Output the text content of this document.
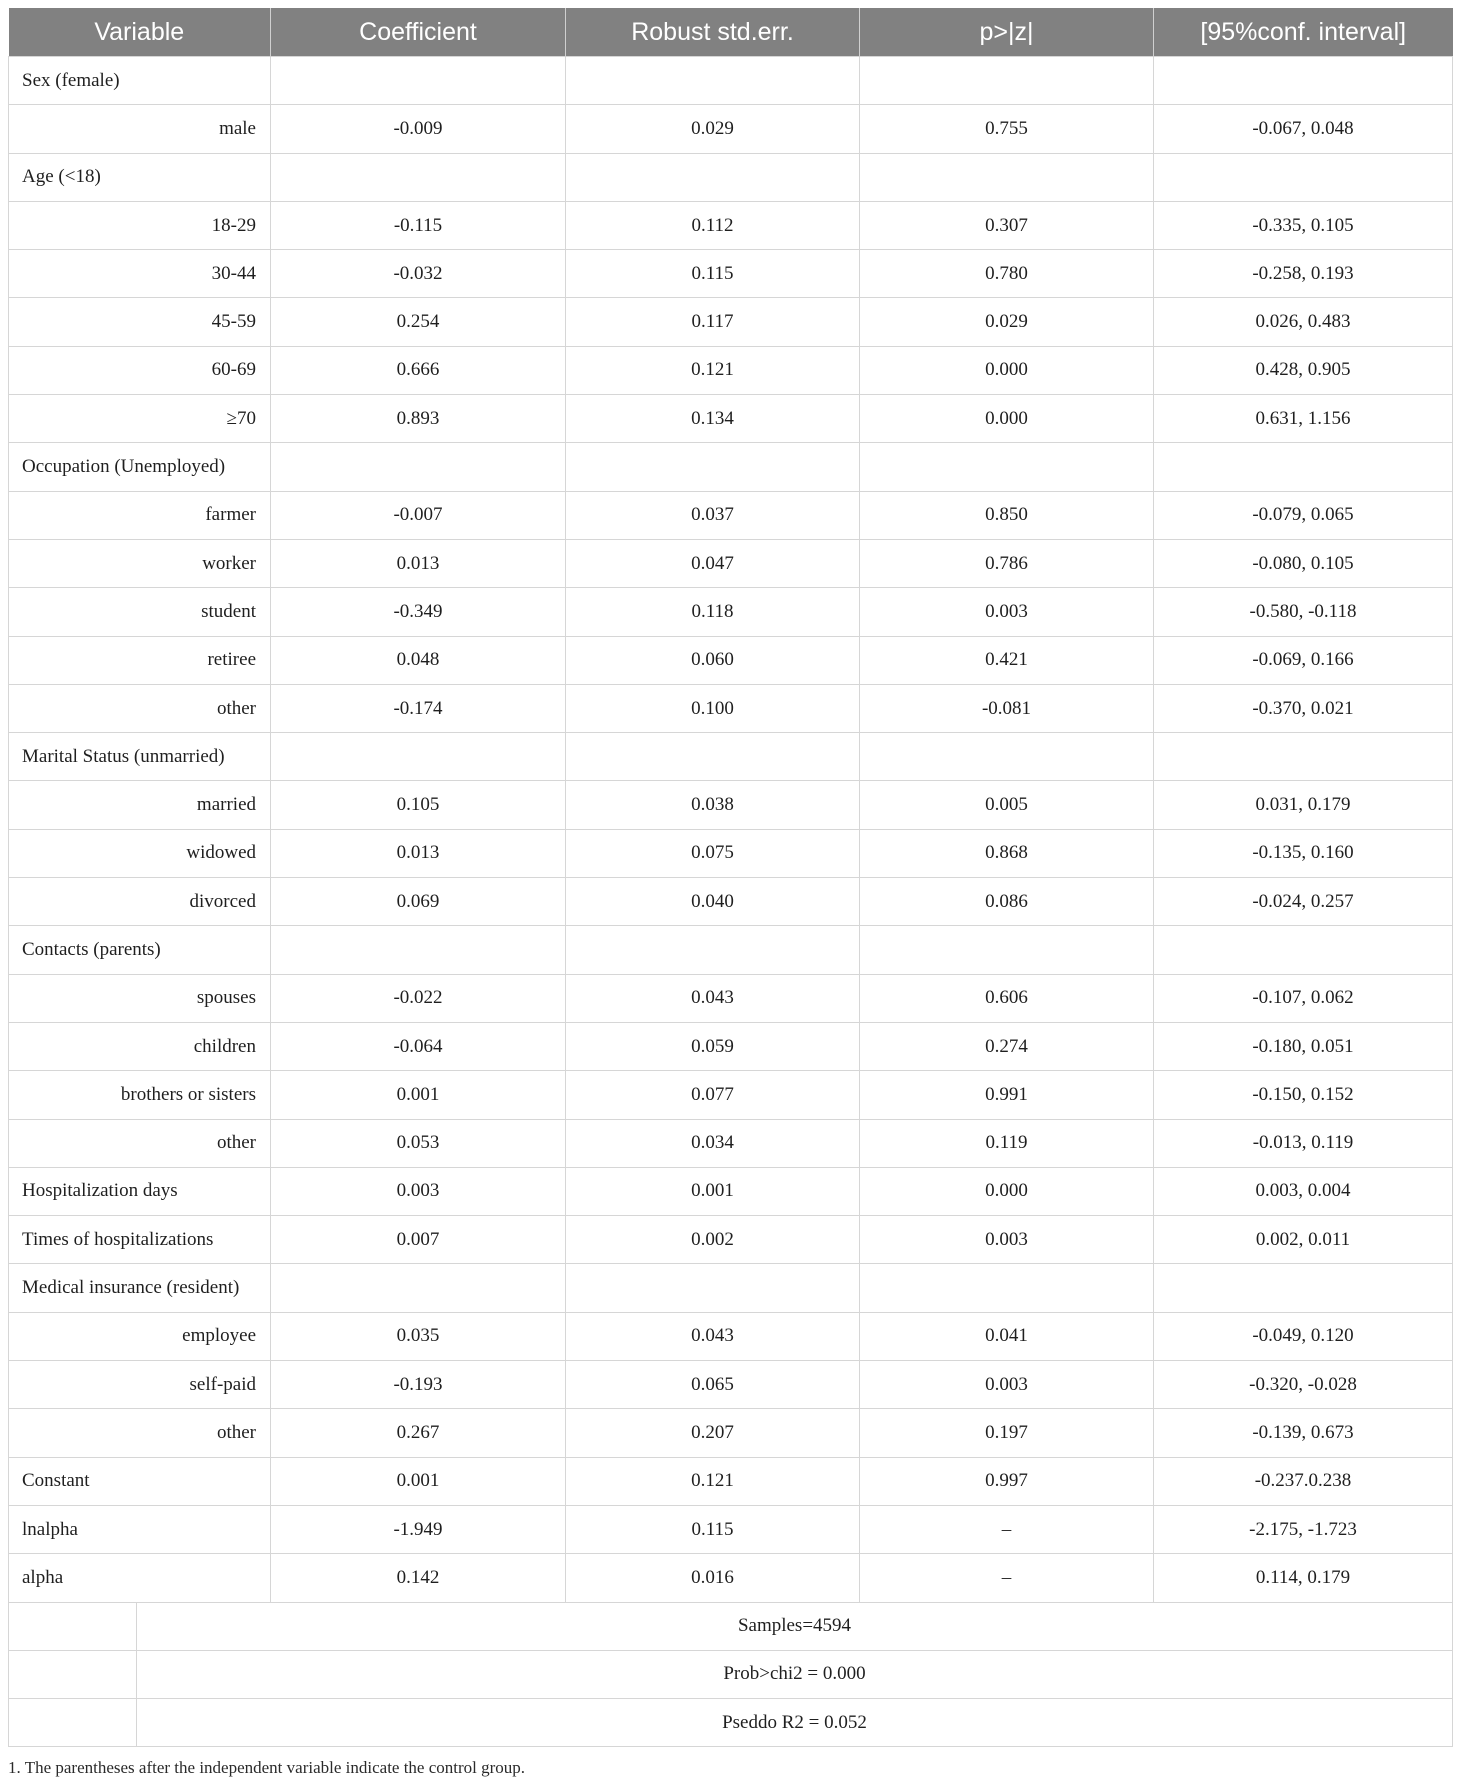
Variable	Coefficient	Robust std.err.	p>|z|	[95%conf. interval]
Sex (female)				
male	-0.009	0.029	0.755	-0.067, 0.048
Age (<18)				
18-29	-0.115	0.112	0.307	-0.335, 0.105
30-44	-0.032	0.115	0.780	-0.258, 0.193
45-59	0.254	0.117	0.029	0.026, 0.483
60-69	0.666	0.121	0.000	0.428, 0.905
≥70	0.893	0.134	0.000	0.631, 1.156
Occupation (Unemployed)				
farmer	-0.007	0.037	0.850	-0.079, 0.065
worker	0.013	0.047	0.786	-0.080, 0.105
student	-0.349	0.118	0.003	-0.580, -0.118
retiree	0.048	0.060	0.421	-0.069, 0.166
other	-0.174	0.100	-0.081	-0.370, 0.021
Marital Status (unmarried)				
married	0.105	0.038	0.005	0.031, 0.179
widowed	0.013	0.075	0.868	-0.135, 0.160
divorced	0.069	0.040	0.086	-0.024, 0.257
Contacts (parents)				
spouses	-0.022	0.043	0.606	-0.107, 0.062
children	-0.064	0.059	0.274	-0.180, 0.051
brothers or sisters	0.001	0.077	0.991	-0.150, 0.152
other	0.053	0.034	0.119	-0.013, 0.119
Hospitalization days	0.003	0.001	0.000	0.003, 0.004
Times of hospitalizations	0.007	0.002	0.003	0.002, 0.011
Medical insurance (resident)				
employee	0.035	0.043	0.041	-0.049, 0.120
self-paid	-0.193	0.065	0.003	-0.320, -0.028
other	0.267	0.207	0.197	-0.139, 0.673
Constant	0.001	0.121	0.997	-0.237.0.238
lnalpha	-1.949	0.115	–	-2.175, -1.723
alpha	0.142	0.016	–	0.114, 0.179

Samples=4594				

Prob>chi2 = 0.000				

Pseddo R2 = 0.052				
1. The parentheses after the independent variable indicate the control group.
